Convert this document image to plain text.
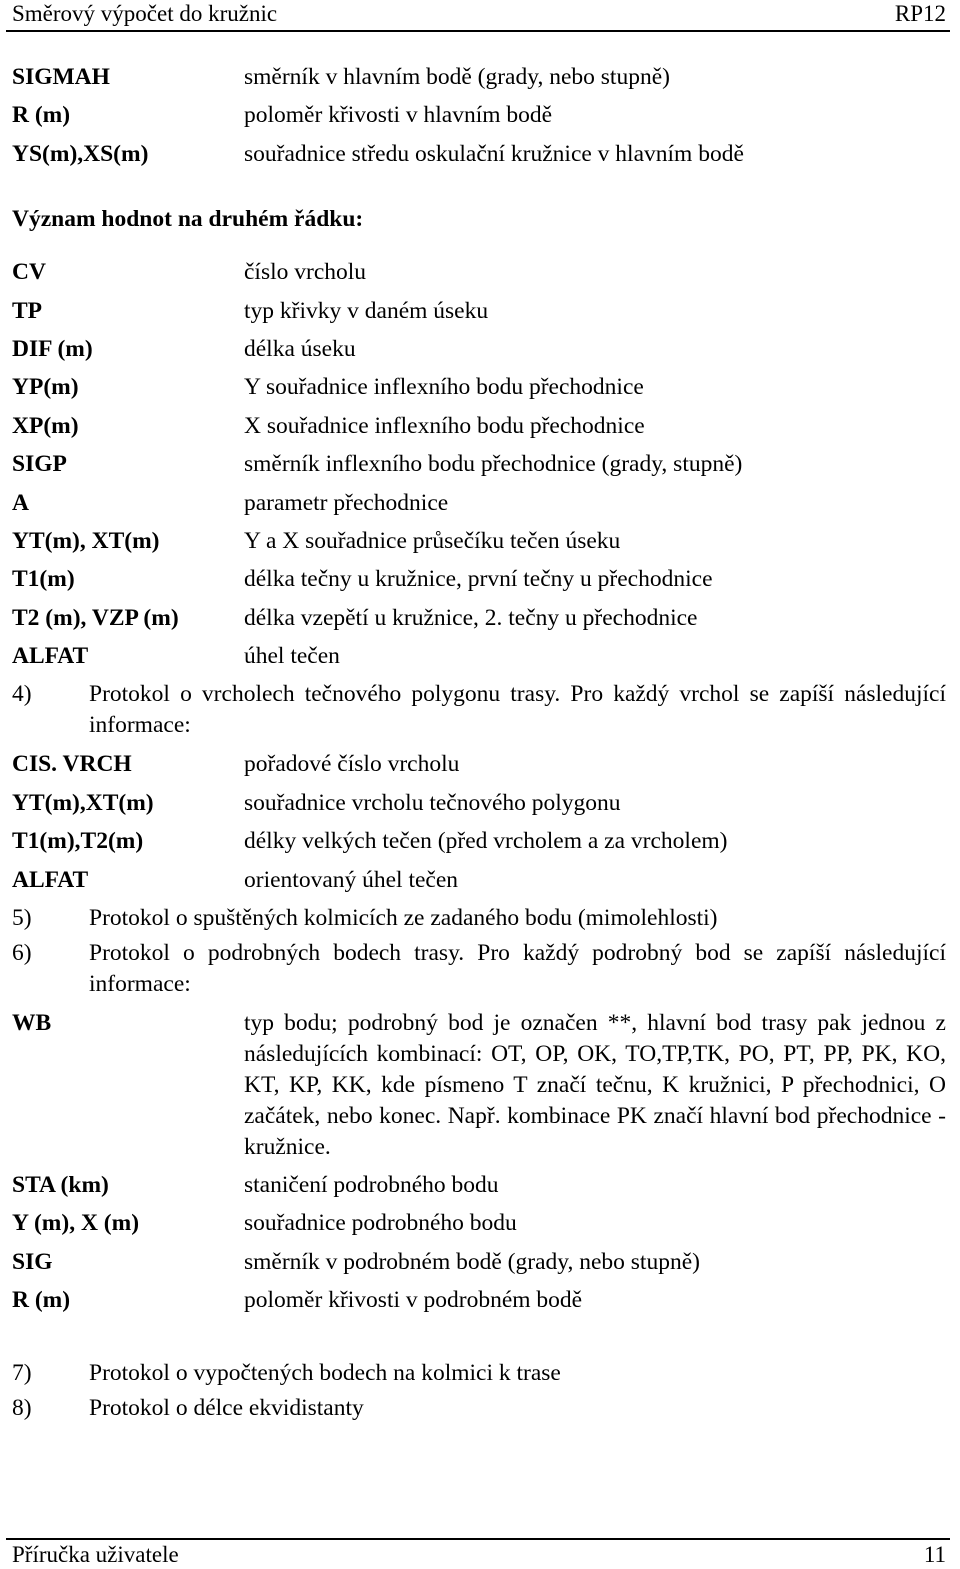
Směrový výpočet do kružnic	RP12
SIGMAH	směrník v hlavním bodě (grady, nebo stupně)
R (m)	poloměr křivosti v hlavním bodě
YS(m),XS(m)	souřadnice středu oskulační kružnice v hlavním bodě
Význam hodnot na druhém řádku:
CV	číslo vrcholu
TP	typ křivky v daném úseku
DIF (m)	délka úseku
YP(m)	Y souřadnice inflexního bodu přechodnice
XP(m)	X souřadnice inflexního bodu přechodnice
SIGP	směrník inflexního bodu přechodnice (grady, stupně)
A	parametr přechodnice
YT(m), XT(m)	Y a X souřadnice průsečíku tečen úseku
T1(m)	délka tečny u kružnice, první tečny u přechodnice
T2 (m), VZP (m)	délka vzepětí u kružnice, 2. tečny u přechodnice
ALFAT	úhel tečen
4)	Protokol o vrcholech tečnového polygonu trasy. Pro každý vrchol se zapíší následující informace:
CIS. VRCH	pořadové číslo vrcholu
YT(m),XT(m)	souřadnice vrcholu tečnového polygonu
T1(m),T2(m)	délky velkých tečen (před vrcholem a za vrcholem)
ALFAT	orientovaný úhel tečen
5)	Protokol o spuštěných kolmicích ze zadaného bodu (mimolehlosti)
6)	Protokol o podrobných bodech trasy. Pro každý podrobný bod se zapíší následující informace:
WB	typ bodu; podrobný bod je označen **, hlavní bod trasy pak jednou z následujících kombinací: OT, OP, OK, TO,TP,TK, PO, PT, PP, PK, KO, KT, KP, KK, kde písmeno T značí tečnu, K kružnici, P přechodnici, O začátek, nebo konec. Např. kombinace PK značí hlavní bod přechodnice - kružnice.
STA (km)	staničení podrobného bodu
Y (m), X (m)	souřadnice podrobného bodu
SIG	směrník v podrobném bodě (grady, nebo stupně)
R (m)	poloměr křivosti v podrobném bodě
7)	Protokol o vypočtených bodech na kolmici k trase
8)	Protokol o délce ekvidistanty
Příručka uživatele	11
